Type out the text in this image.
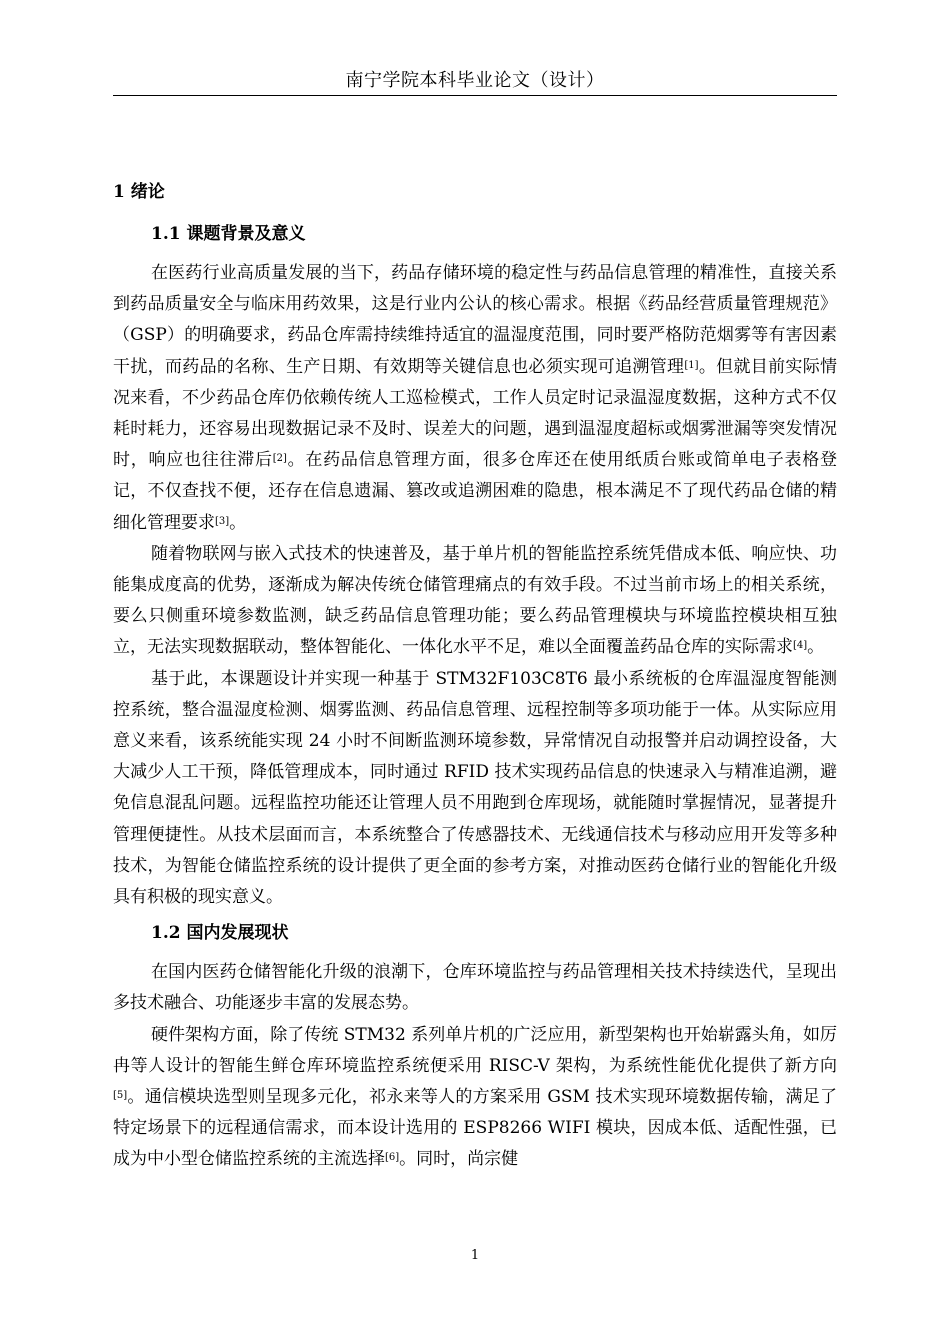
南宁学院本科毕业论文（设计）
1 绪论
1.1 课题背景及意义

在医药行业高质量发展的当下，药品存储环境的稳定性与药品信息管理的精准性，直接关系到药品质量安全与临床用药效果，这是行业内公认的核心需求。根据《药品经营质量管理规范》（GSP）的明确要求，药品仓库需持续维持适宜的温湿度范围，同时要严格防范烟雾等有害因素干扰，而药品的名称、生产日期、有效期等关键信息也必须实现可追溯管理[1]。但就目前实际情况来看，不少药品仓库仍依赖传统人工巡检模式，工作人员定时记录温湿度数据，这种方式不仅耗时耗力，还容易出现数据记录不及时、误差大的问题，遇到温湿度超标或烟雾泄漏等突发情况时，响应也往往滞后[2]。在药品信息管理方面，很多仓库还在使用纸质台账或简单电子表格登记，不仅查找不便，还存在信息遗漏、篡改或追溯困难的隐患，根本满足不了现代药品仓储的精细化管理要求[3]。

随着物联网与嵌入式技术的快速普及，基于单片机的智能监控系统凭借成本低、响应快、功能集成度高的优势，逐渐成为解决传统仓储管理痛点的有效手段。不过当前市场上的相关系统，要么只侧重环境参数监测，缺乏药品信息管理功能；要么药品管理模块与环境监控模块相互独立，无法实现数据联动，整体智能化、一体化水平不足，难以全面覆盖药品仓库的实际需求[4]。

基于此，本课题设计并实现一种基于 STM32F103C8T6 最小系统板的仓库温湿度智能测控系统，整合温湿度检测、烟雾监测、药品信息管理、远程控制等多项功能于一体。从实际应用意义来看，该系统能实现 24 小时不间断监测环境参数，异常情况自动报警并启动调控设备，大大减少人工干预，降低管理成本，同时通过 RFID 技术实现药品信息的快速录入与精准追溯，避免信息混乱问题。远程监控功能还让管理人员不用跑到仓库现场，就能随时掌握情况，显著提升管理便捷性。从技术层面而言，本系统整合了传感器技术、无线通信技术与移动应用开发等多种技术，为智能仓储监控系统的设计提供了更全面的参考方案，对推动医药仓储行业的智能化升级具有积极的现实意义。

1.2 国内发展现状

在国内医药仓储智能化升级的浪潮下，仓库环境监控与药品管理相关技术持续迭代，呈现出多技术融合、功能逐步丰富的发展态势。

硬件架构方面，除了传统 STM32 系列单片机的广泛应用，新型架构也开始崭露头角，如厉冉等人设计的智能生鲜仓库环境监控系统便采用 RISC-V 架构，为系统性能优化提供了新方向[5]。通信模块选型则呈现多元化，祁永来等人的方案采用 GSM 技术实现环境数据传输，满足了特定场景下的远程通信需求，而本设计选用的 ESP8266 WIFI 模块，因成本低、适配性强，已成为中小型仓储监控系统的主流选择[6]。同时，尚宗健

1
